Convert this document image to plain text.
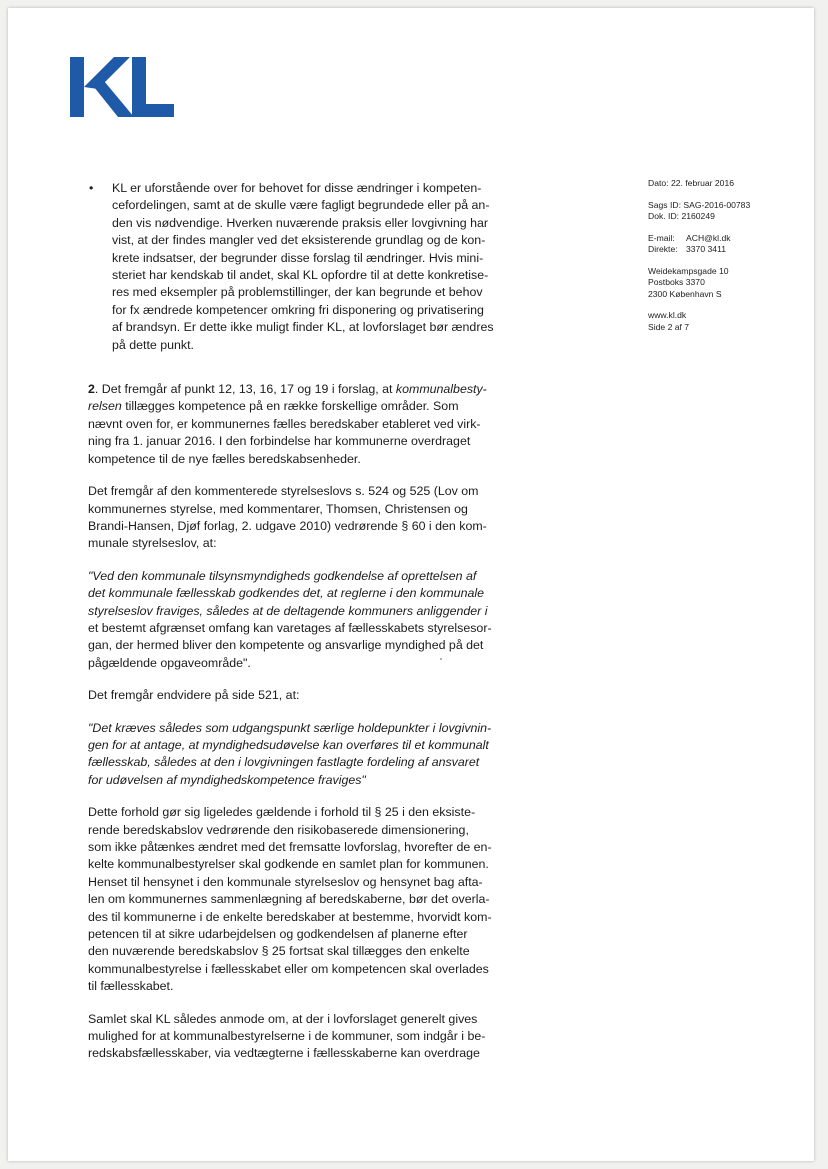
Dato: 22. februar 2016
Sags ID: SAG-2016-00783
Dok. ID: 2160249
E-mail: ACH@kl.dk
Direkte: 3370 3411
Weidekampsgade 10
Postboks 3370
2300 København S
www.kl.dk
Side 2 af 7

• KL er uforstående over for behovet for disse ændringer i kompeten-
cefordelingen, samt at de skulle være fagligt begrundede eller på an-
den vis nødvendige. Hverken nuværende praksis eller lovgivning har
vist, at der findes mangler ved det eksisterende grundlag og de kon-
krete indsatser, der begrunder disse forslag til ændringer. Hvis mini-
steriet har kendskab til andet, skal KL opfordre til at dette konkretise-
res med eksempler på problemstillinger, der kan begrunde et behov
for fx ændrede kompetencer omkring fri disponering og privatisering
af brandsyn. Er dette ikke muligt finder KL, at lovforslaget bør ændres
på dette punkt.

2. Det fremgår af punkt 12, 13, 16, 17 og 19 i forslag, at kommunalbesty-
relsen tillægges kompetence på en række forskellige områder. Som
nævnt oven for, er kommunernes fælles beredskaber etableret ved virk-
ning fra 1. januar 2016. I den forbindelse har kommunerne overdraget
kompetence til de nye fælles beredskabsenheder.

Det fremgår af den kommenterede styrelseslovs s. 524 og 525 (Lov om
kommunernes styrelse, med kommentarer, Thomsen, Christensen og
Brandi-Hansen, Djøf forlag, 2. udgave 2010) vedrørende § 60 i den kom-
munale styrelseslov, at:

"Ved den kommunale tilsynsmyndigheds godkendelse af oprettelsen af
det kommunale fællesskab godkendes det, at reglerne i den kommunale
styrelseslov fraviges, således at de deltagende kommuners anliggender i
et bestemt afgrænset omfang kan varetages af fællesskabets styrelsesor-
gan, der hermed bliver den kompetente og ansvarlige myndighed på det
pågældende opgaveområde".

Det fremgår endvidere på side 521, at:

"Det kræves således som udgangspunkt særlige holdepunkter i lovgivnin-
gen for at antage, at myndighedsudøvelse kan overføres til et kommunalt
fællesskab, således at den i lovgivningen fastlagte fordeling af ansvaret
for udøvelsen af myndighedskompetence fraviges"

Dette forhold gør sig ligeledes gældende i forhold til § 25 i den eksiste-
rende beredskabslov vedrørende den risikobaserede dimensionering,
som ikke påtænkes ændret med det fremsatte lovforslag, hvorefter de en-
kelte kommunalbestyrelser skal godkende en samlet plan for kommunen.
Henset til hensynet i den kommunale styrelseslov og hensynet bag afta-
len om kommunernes sammenlægning af beredskaberne, bør det overla-
des til kommunerne i de enkelte beredskaber at bestemme, hvorvidt kom-
petencen til at sikre udarbejdelsen og godkendelsen af planerne efter
den nuværende beredskabslov § 25 fortsat skal tillægges den enkelte
kommunalbestyrelse i fællesskabet eller om kompetencen skal overlades
til fællesskabet.

Samlet skal KL således anmode om, at der i lovforslaget generelt gives
mulighed for at kommunalbestyrelserne i de kommuner, som indgår i be-
redskabsfællesskaber, via vedtægterne i fællesskaberne kan overdrage
